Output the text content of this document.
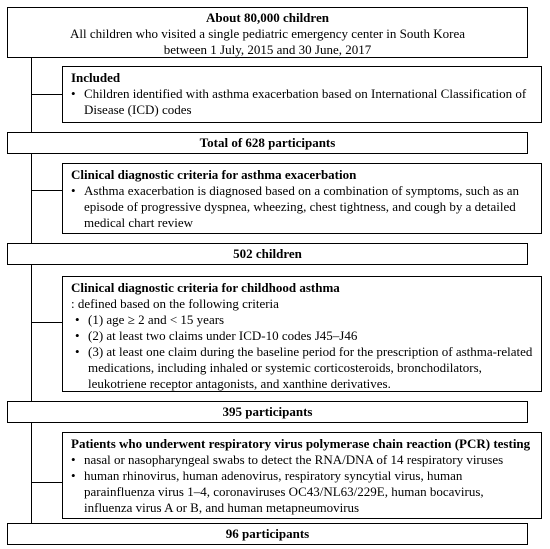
About 80,000 children
All children who visited a single pediatric emergency center in South Korea
between 1 July, 2015 and 30 June, 2017
Included
• Children identified with asthma exacerbation based on International Classification of Disease (ICD) codes
Total of 628 participants
Clinical diagnostic criteria for asthma exacerbation
• Asthma exacerbation is diagnosed based on a combination of symptoms, such as an episode of progressive dyspnea, wheezing, chest tightness, and cough by a detailed medical chart review
502 children
Clinical diagnostic criteria for childhood asthma
: defined based on the following criteria
• (1) age ≥ 2 and < 15 years
• (2) at least two claims under ICD-10 codes J45–J46
• (3) at least one claim during the baseline period for the prescription of asthma-related medications, including inhaled or systemic corticosteroids, bronchodilators, leukotriene receptor antagonists, and xanthine derivatives.
395 participants
Patients who underwent respiratory virus polymerase chain reaction (PCR) testing
• nasal or nasopharyngeal swabs to detect the RNA/DNA of 14 respiratory viruses
• human rhinovirus, human adenovirus, respiratory syncytial virus, human parainfluenza virus 1–4, coronaviruses OC43/NL63/229E, human bocavirus, influenza virus A or B, and human metapneumovirus
96 participants
